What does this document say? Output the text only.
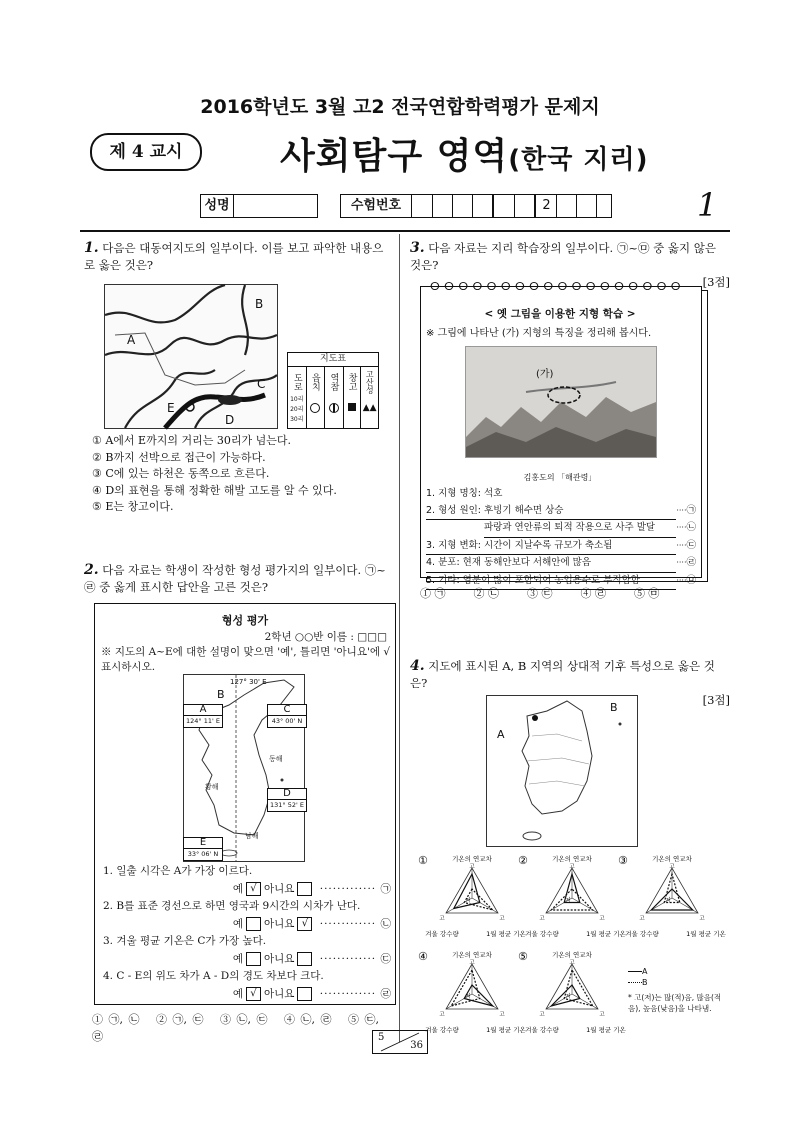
2016학년도 3월 고2 전국연합학력평가 문제지
제 4 교시	사회탐구 영역(한국 지리)
성명	수험번호	2	1
1. 다음은 대동여지도의 일부이다. 이를 보고 파악한 내용으로 옳은 것은?
A
B
C
D
E
지도표
도로
10리
20리
30리
읍치 역참 창고 고산성
▲▲
① A에서 E까지의 거리는 30리가 넘는다.
② B까지 선박으로 접근이 가능하다.
③ C에 있는 하천은 동쪽으로 흐른다.
④ D의 표현을 통해 정확한 해발 고도를 알 수 있다.
⑤ E는 창고이다.
2. 다음 자료는 학생이 작성한 형성 평가지의 일부이다. ㉠~㉣ 중 옳게 표시한 답안을 고른 것은?
형성 평가
2학년 ○○반 이름 : □□□
※ 지도의 A~E에 대한 설명이 맞으면 '예', 틀리면 '아니요'에 √ 표시하시오.
127° 30' E
B
A
124° 11' E
C
43° 00' N
동해
황해
D
131° 52' E
남해
E
33° 06' N
1. 일출 시각은 A가 가장 이르다.
예 √ 아니요 ············· ㉠
2. B를 표준 경선으로 하면 영국과 9시간의 시차가 난다.
예 아니요 √ ············· ㉡
3. 겨울 평균 기온은 C가 가장 높다.
예 아니요 ············· ㉢
4. C - E의 위도 차가 A - D의 경도 차보다 크다.
예 √ 아니요 ············· ㉣
① ㉠, ㉡ ② ㉠, ㉢ ③ ㉡, ㉢ ④ ㉡, ㉣ ⑤ ㉢, ㉣
3. 다음 자료는 지리 학습장의 일부이다. ㉠~㉤ 중 옳지 않은 것은?
[3점]
ⵔⵔⵔⵔⵔⵔⵔⵔⵔⵔⵔⵔⵔⵔⵔⵔⵔⵔ
< 옛 그림을 이용한 지형 학습 >
※ 그림에 나타난 (가) 지형의 특징을 정리해 봅시다.
(가)
김홍도의 「해관령」
1. 지형 명칭: 석호
2. 형성 원인: 후빙기 해수면 상승	···· ㉠
파랑과 연안류의 퇴적 작용으로 사주 발달	···· ㉡
3. 지형 변화: 시간이 지날수록 규모가 축소됨	···· ㉢
4. 분포: 현재 동해안보다 서해안에 많음	···· ㉣
5. 기타: 염분이 많이 포함되어 농업용수로 부적합함	···· ㉤
① ㉠	② ㉡	③ ㉢	④ ㉣	⑤ ㉤
4. 지도에 표시된 A, B 지역의 상대적 기후 특성으로 옳은 것은?
[3점]
A
B
기온의 연교차
겨울 강수량	1월 평균 기온
고
저
고	고
①	기온의 연교차
겨울 강수량	1월 평균 기온
고
저
고	고
②	기온의 연교차
겨울 강수량	1월 평균 기온
고
저
고	고
③
기온의 연교차
겨울 강수량	1월 평균 기온
고
저
고	고
④	기온의 연교차
겨울 강수량	1월 평균 기온
고
저
고	고
⑤
A
B
* 고(저)는 많(적)음, 많음(적음), 높음(낮음)을 나타냄.
5
36
